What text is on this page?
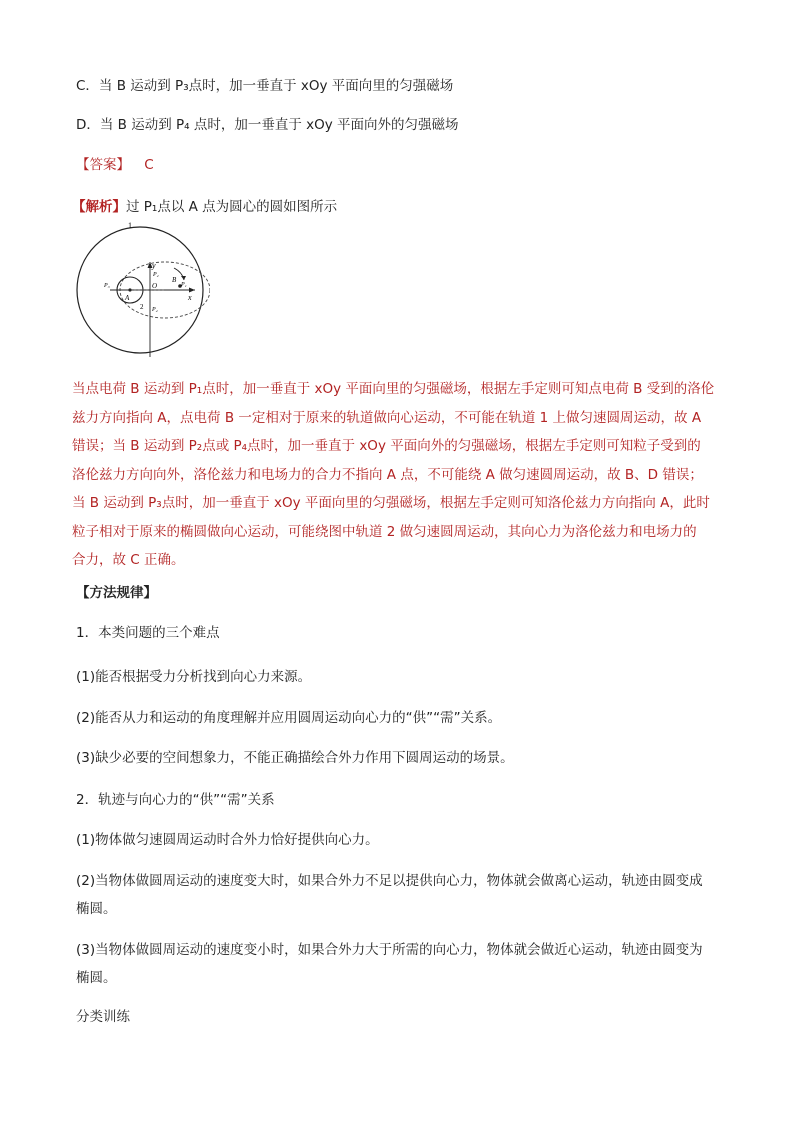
C．当 B 运动到 P₃点时，加一垂直于 xOy 平面向里的匀强磁场
D．当 B 运动到 P₄ 点时，加一垂直于 xOy 平面向外的匀强磁场
【答案】 C
【解析】过 P₁点以 A 点为圆心的圆如图所示
1
y
x
O
A
B
P₁
P₂
P₃
P₄
2

当点电荷 B 运动到 P₁点时，加一垂直于 xOy 平面向里的匀强磁场，根据左手定则可知点电荷 B 受到的洛伦

兹力方向指向 A，点电荷 B 一定相对于原来的轨道做向心运动，不可能在轨道 1 上做匀速圆周运动，故 A

错误；当 B 运动到 P₂点或 P₄点时，加一垂直于 xOy 平面向外的匀强磁场，根据左手定则可知粒子受到的

洛伦兹力方向向外，洛伦兹力和电场力的合力不指向 A 点，不可能绕 A 做匀速圆周运动，故 B、D 错误；

当 B 运动到 P₃点时，加一垂直于 xOy 平面向里的匀强磁场，根据左手定则可知洛伦兹力方向指向 A，此时

粒子相对于原来的椭圆做向心运动，可能绕图中轨道 2 做匀速圆周运动，其向心力为洛伦兹力和电场力的

合力，故 C 正确。

【方法规律】
1．本类问题的三个难点
(1)能否根据受力分析找到向心力来源。
(2)能否从力和运动的角度理解并应用圆周运动向心力的“供”“需”关系。
(3)缺少必要的空间想象力，不能正确描绘合外力作用下圆周运动的场景。
2．轨迹与向心力的“供”“需”关系
(1)物体做匀速圆周运动时合外力恰好提供向心力。
(2)当物体做圆周运动的速度变大时，如果合外力不足以提供向心力，物体就会做离心运动，轨迹由圆变成
椭圆。
(3)当物体做圆周运动的速度变小时，如果合外力大于所需的向心力，物体就会做近心运动，轨迹由圆变为
椭圆。
分类训练
